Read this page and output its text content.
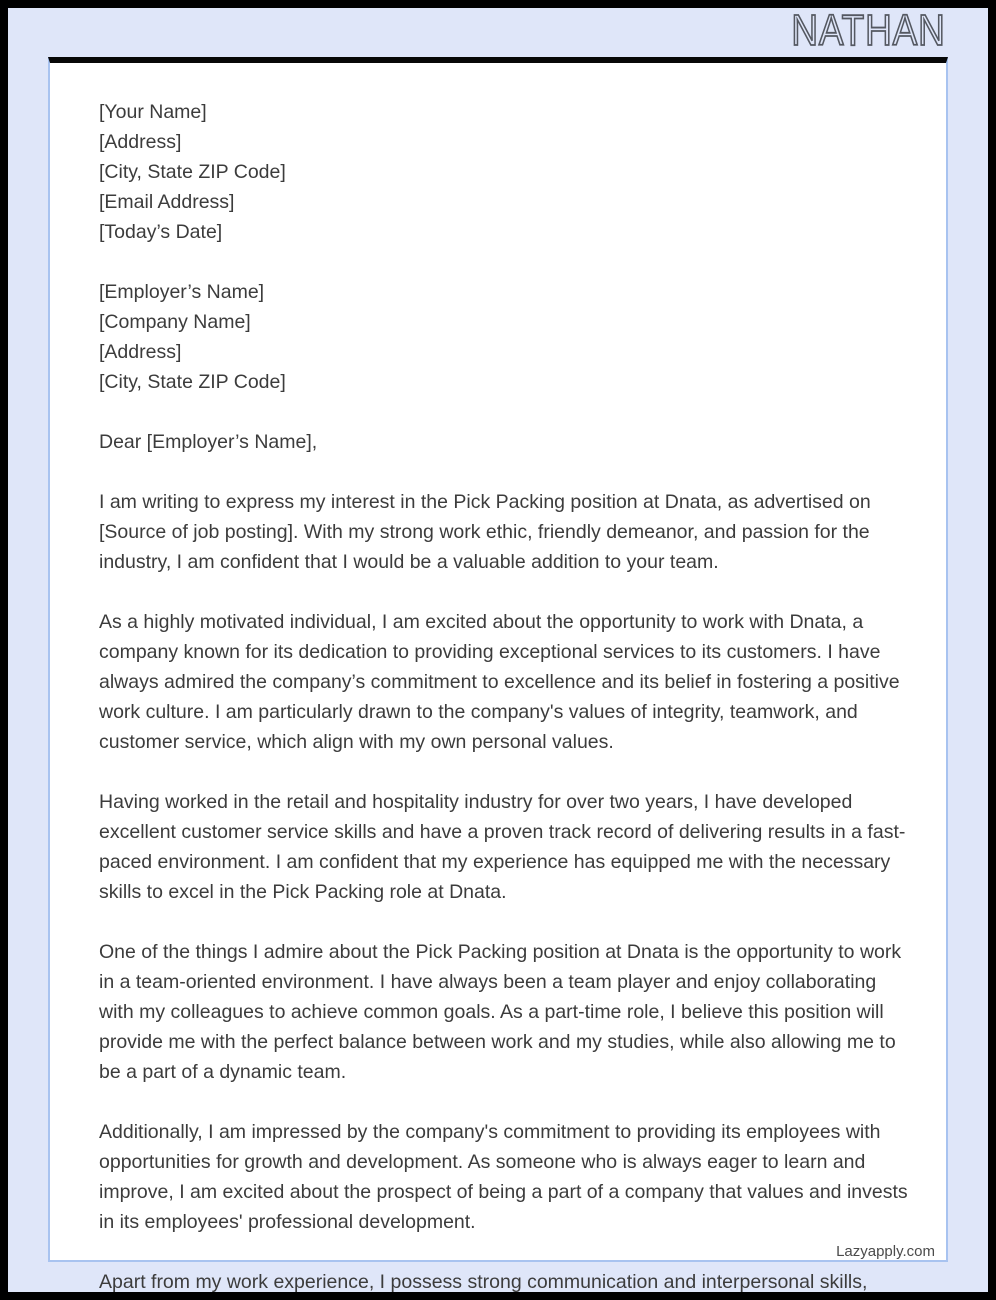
NATHAN

[Your Name]

[Address]

[City, State ZIP Code]

[Email Address]

[Today’s Date]

[Employer’s Name]

[Company Name]

[Address]

[City, State ZIP Code]

Dear [Employer’s Name],

I am writing to express my interest in the Pick Packing position at Dnata, as advertised on [Source of job posting]. With my strong work ethic, friendly demeanor, and passion for the industry, I am confident that I would be a valuable addition to your team.

As a highly motivated individual, I am excited about the opportunity to work with Dnata, a company known for its dedication to providing exceptional services to its customers. I have always admired the company’s commitment to excellence and its belief in fostering a positive work culture. I am particularly drawn to the company's values of integrity, teamwork, and customer service, which align with my own personal values.

Having worked in the retail and hospitality industry for over two years, I have developed excellent customer service skills and have a proven track record of delivering results in a fast-paced environment. I am confident that my experience has equipped me with the necessary skills to excel in the Pick Packing role at Dnata.

One of the things I admire about the Pick Packing position at Dnata is the opportunity to work in a team-oriented environment. I have always been a team player and enjoy collaborating with my colleagues to achieve common goals. As a part-time role, I believe this position will provide me with the perfect balance between work and my studies, while also allowing me to be a part of a dynamic team.

Additionally, I am impressed by the company's commitment to providing its employees with opportunities for growth and development. As someone who is always eager to learn and improve, I am excited about the prospect of being a part of a company that values and invests in its employees' professional development.

Apart from my work experience, I possess strong communication and interpersonal skills,

Lazyapply.com
